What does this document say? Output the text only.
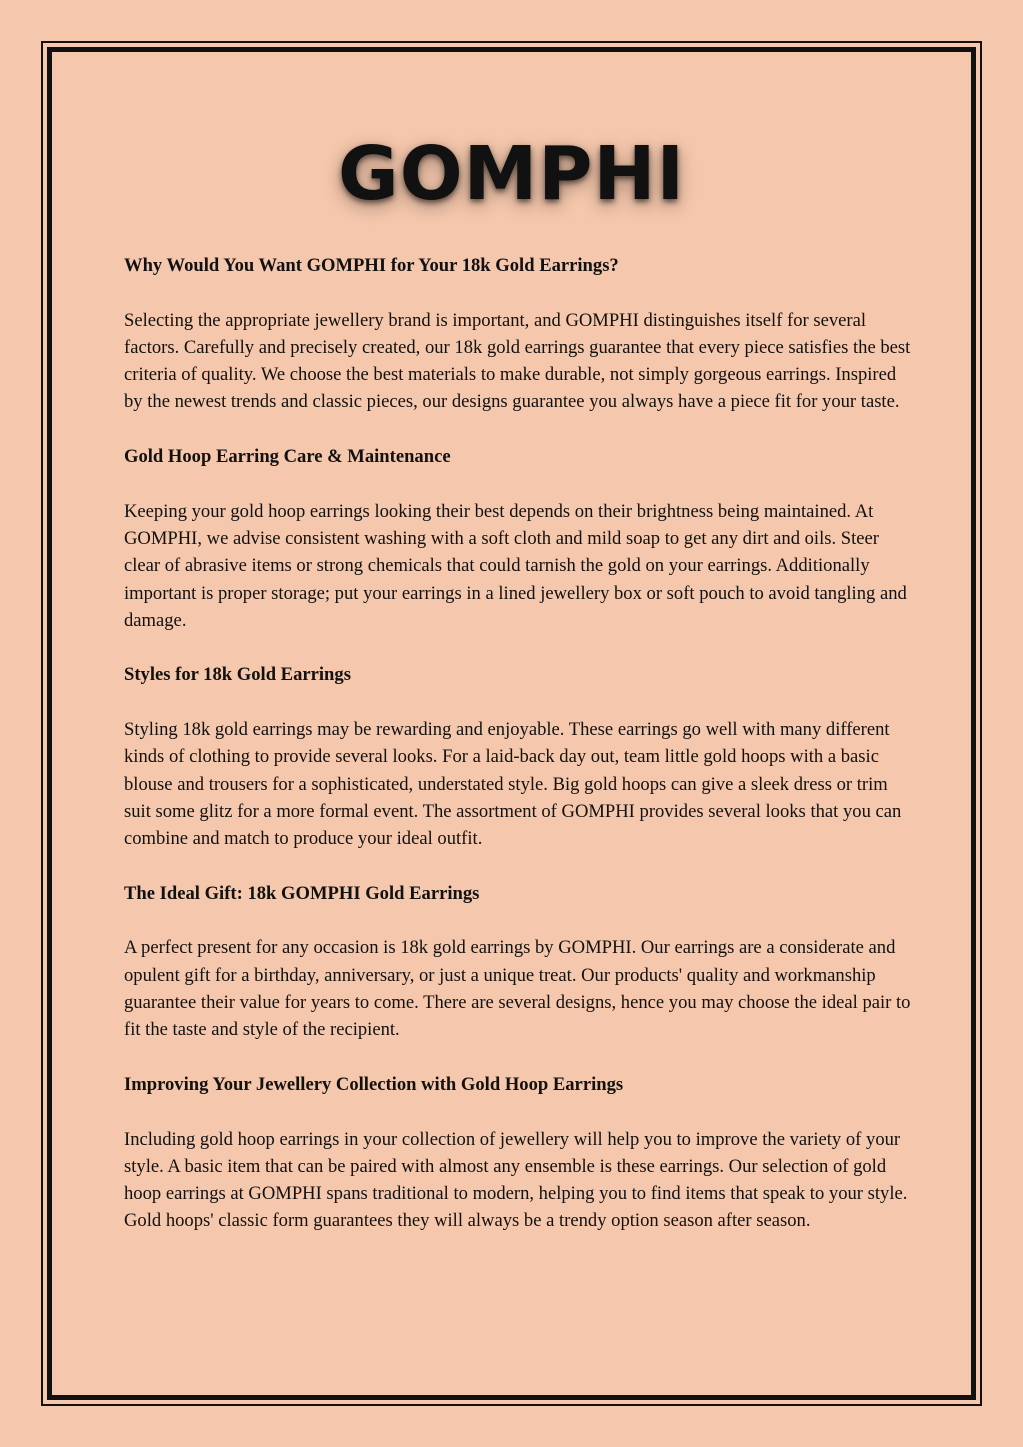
GOMPHI
Why Would You Want GOMPHI for Your 18k Gold Earrings?
Selecting the appropriate jewellery brand is important, and GOMPHI distinguishes itself for several factors. Carefully and precisely created, our 18k gold earrings guarantee that every piece satisfies the best criteria of quality. We choose the best materials to make durable, not simply gorgeous earrings. Inspired by the newest trends and classic pieces, our designs guarantee you always have a piece fit for your taste.
Gold Hoop Earring Care & Maintenance
Keeping your gold hoop earrings looking their best depends on their brightness being maintained. At GOMPHI, we advise consistent washing with a soft cloth and mild soap to get any dirt and oils. Steer clear of abrasive items or strong chemicals that could tarnish the gold on your earrings. Additionally important is proper storage; put your earrings in a lined jewellery box or soft pouch to avoid tangling and damage.
Styles for 18k Gold Earrings
Styling 18k gold earrings may be rewarding and enjoyable. These earrings go well with many different kinds of clothing to provide several looks. For a laid-back day out, team little gold hoops with a basic blouse and trousers for a sophisticated, understated style. Big gold hoops can give a sleek dress or trim suit some glitz for a more formal event. The assortment of GOMPHI provides several looks that you can combine and match to produce your ideal outfit.
The Ideal Gift: 18k GOMPHI Gold Earrings
A perfect present for any occasion is 18k gold earrings by GOMPHI. Our earrings are a considerate and opulent gift for a birthday, anniversary, or just a unique treat. Our products' quality and workmanship guarantee their value for years to come. There are several designs, hence you may choose the ideal pair to fit the taste and style of the recipient.
Improving Your Jewellery Collection with Gold Hoop Earrings
Including gold hoop earrings in your collection of jewellery will help you to improve the variety of your style. A basic item that can be paired with almost any ensemble is these earrings. Our selection of gold hoop earrings at GOMPHI spans traditional to modern, helping you to find items that speak to your style. Gold hoops' classic form guarantees they will always be a trendy option season after season.
